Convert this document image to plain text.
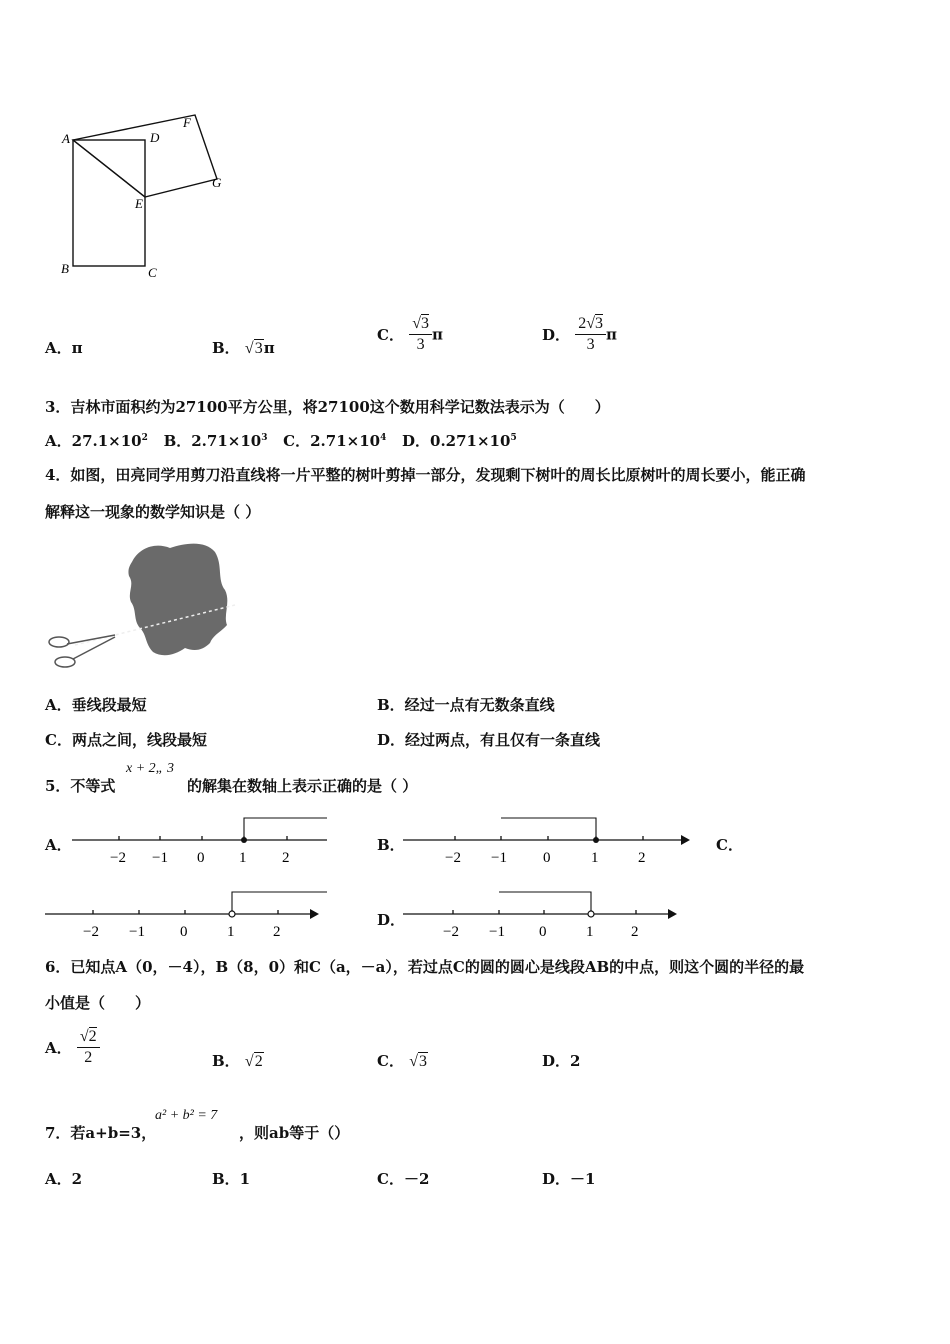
A	D
F
G
E
B	C
A．π	B． √3π
C． $\frac{√3}{3}$ π	D． $\frac{2√3}{3}$ π
3．吉林市面积约为27100平方公里，将27100这个数用科学记数法表示为（　　）
A．$27.1\times 10^2$ B．$2.71\times 10^3$ C．$2.71\times 10^4$ D．$0.271\times 10^5$
4．如图，田亮同学用剪刀沿直线将一片平整的树叶剪掉一部分，发现剩下树叶的周长比原树叶的周长要小，能正确
解释这一现象的数学知识是（ ）
A．垂线段最短	B．经过一点有无数条直线
C．两点之间，线段最短	D．经过两点，有且仅有一条直线
5．不等式
x + 2„ 3
的解集在数轴上表示正确的是（ ）
A．	B．	C．
D．
−2 −1 0 1 2	−2 −1 0	1	2
−2 −1 0	1	2	−2 −1 0	1	2
6．已知点A（0，－4），B（8，0）和C（a，－a），若过点C的圆的圆心是线段AB的中点，则这个圆的半径的最
小值是（　　）
A． $\frac{√2}{2}$	B． √2	C． √3	D．2
7．若a+b=3，
a² + b² = 7
，则ab等于（）
A．2	B．1	C．－2	D．－1
